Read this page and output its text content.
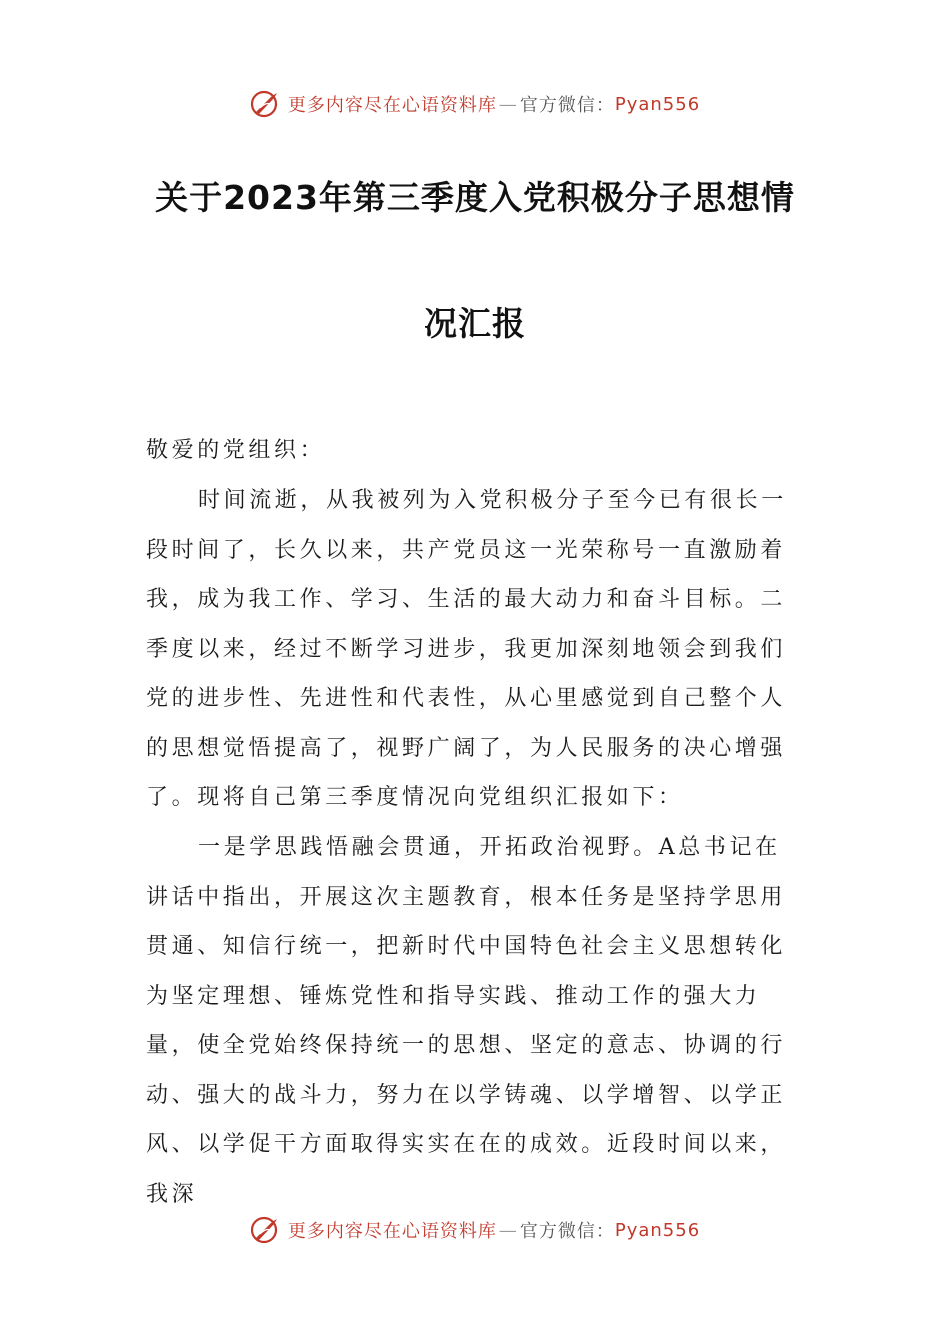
更多内容尽在心语资料库 — 官方微信： Pyan556
关于2023年第三季度入党积极分子思想情
况汇报
敬爱的党组织：

时间流逝，从我被列为入党积极分子至今已有很长一段时间了，长久以来，共产党员这一光荣称号一直激励着我，成为我工作、学习、生活的最大动力和奋斗目标。二季度以来，经过不断学习进步，我更加深刻地领会到我们党的进步性、先进性和代表性，从心里感觉到自己整个人的思想觉悟提高了，视野广阔了，为人民服务的决心增强了。现将自己第三季度情况向党组织汇报如下：

一是学思践悟融会贯通，开拓政治视野。A总书记在讲话中指出，开展这次主题教育，根本任务是坚持学思用贯通、知信行统一，把新时代中国特色社会主义思想转化为坚定理想、锤炼党性和指导实践、推动工作的强大力量，使全党始终保持统一的思想、坚定的意志、协调的行动、强大的战斗力，努力在以学铸魂、以学增智、以学正风、以学促干方面取得实实在在的成效。近段时间以来，我深

更多内容尽在心语资料库 — 官方微信： Pyan556
